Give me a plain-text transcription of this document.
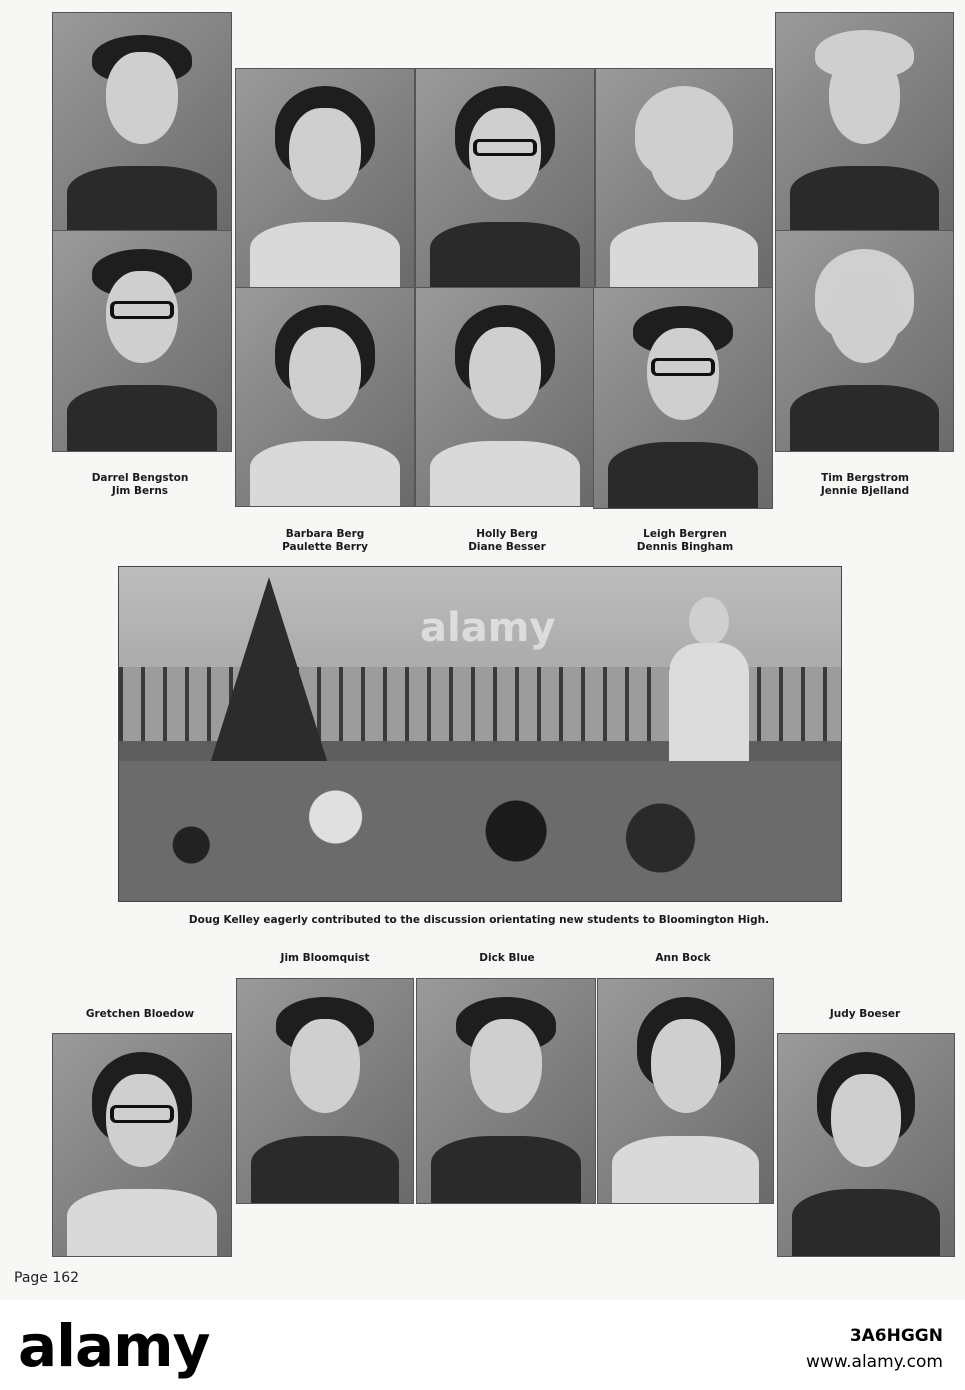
Darrel Bengston
Jim Berns
Barbara Berg
Paulette Berry
Holly Berg
Diane Besser
Leigh Bergren
Dennis Bingham
Tim Bergstrom
Jennie Bjelland
Doug Kelley eagerly contributed to the discussion orientating new students to Bloomington High.
Gretchen Bloedow
Jim Bloomquist	Dick Blue	Ann Bock
Judy Boeser
Page 162
alamy
alamy	3A6HGGN
www.alamy.com
